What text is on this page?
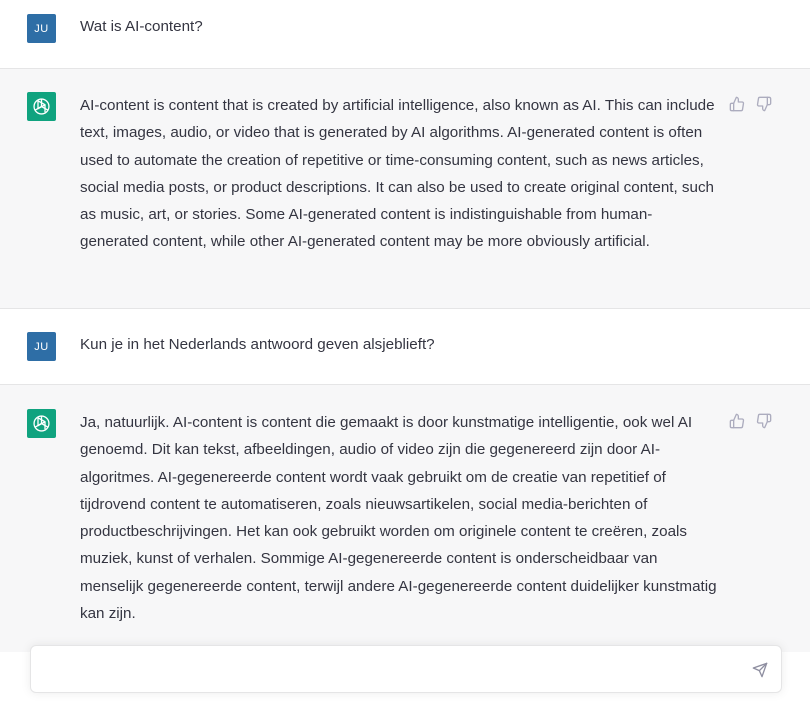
JU Wat is AI-content?
AI-content is content that is created by artificial intelligence, also known as AI. This can include text, images, audio, or video that is generated by AI algorithms. AI-generated content is often used to automate the creation of repetitive or time-consuming content, such as news articles, social media posts, or product descriptions. It can also be used to create original content, such as music, art, or stories. Some AI-generated content is indistinguishable from human-generated content, while other AI-generated content may be more obviously artificial.
JU Kun je in het Nederlands antwoord geven alsjeblieft?
Ja, natuurlijk. AI-content is content die gemaakt is door kunstmatige intelligentie, ook wel AI genoemd. Dit kan tekst, afbeeldingen, audio of video zijn die gegenereerd zijn door AI-algoritmes. AI-gegenereerde content wordt vaak gebruikt om de creatie van repetitief of tijdrovend content te automatiseren, zoals nieuwsartikelen, social media-berichten of productbeschrijvingen. Het kan ook gebruikt worden om originele content te creëren, zoals muziek, kunst of verhalen. Sommige AI-gegenereerde content is onderscheidbaar van menselijk gegenereerde content, terwijl andere AI-gegenereerde content duidelijker kunstmatig kan zijn.
